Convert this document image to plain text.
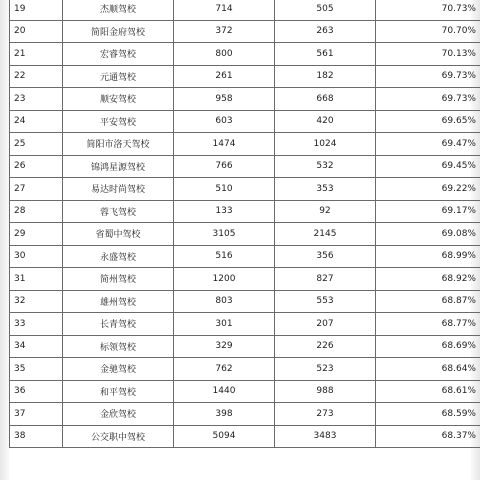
19	杰顺驾校	714	505	70.73%
20	简阳金府驾校	372	263	70.70%
21	宏睿驾校	800	561	70.13%
22	元通驾校	261	182	69.73%
23	顺安驾校	958	668	69.73%
24	平安驾校	603	420	69.65%
25	简阳市洛天驾校	1474	1024	69.47%
26	锦鸿星源驾校	766	532	69.45%
27	易达时尚驾校	510	353	69.22%
28	蓉飞驾校	133	92	69.17%
29	省蜀中驾校	3105	2145	69.08%
30	永盛驾校	516	356	68.99%
31	简州驾校	1200	827	68.92%
32	雄州驾校	803	553	68.87%
33	长青驾校	301	207	68.77%
34	标领驾校	329	226	68.69%
35	金驰驾校	762	523	68.64%
36	和平驾校	1440	988	68.61%
37	金欣驾校	398	273	68.59%
38	公交职中驾校	5094	3483	68.37%
